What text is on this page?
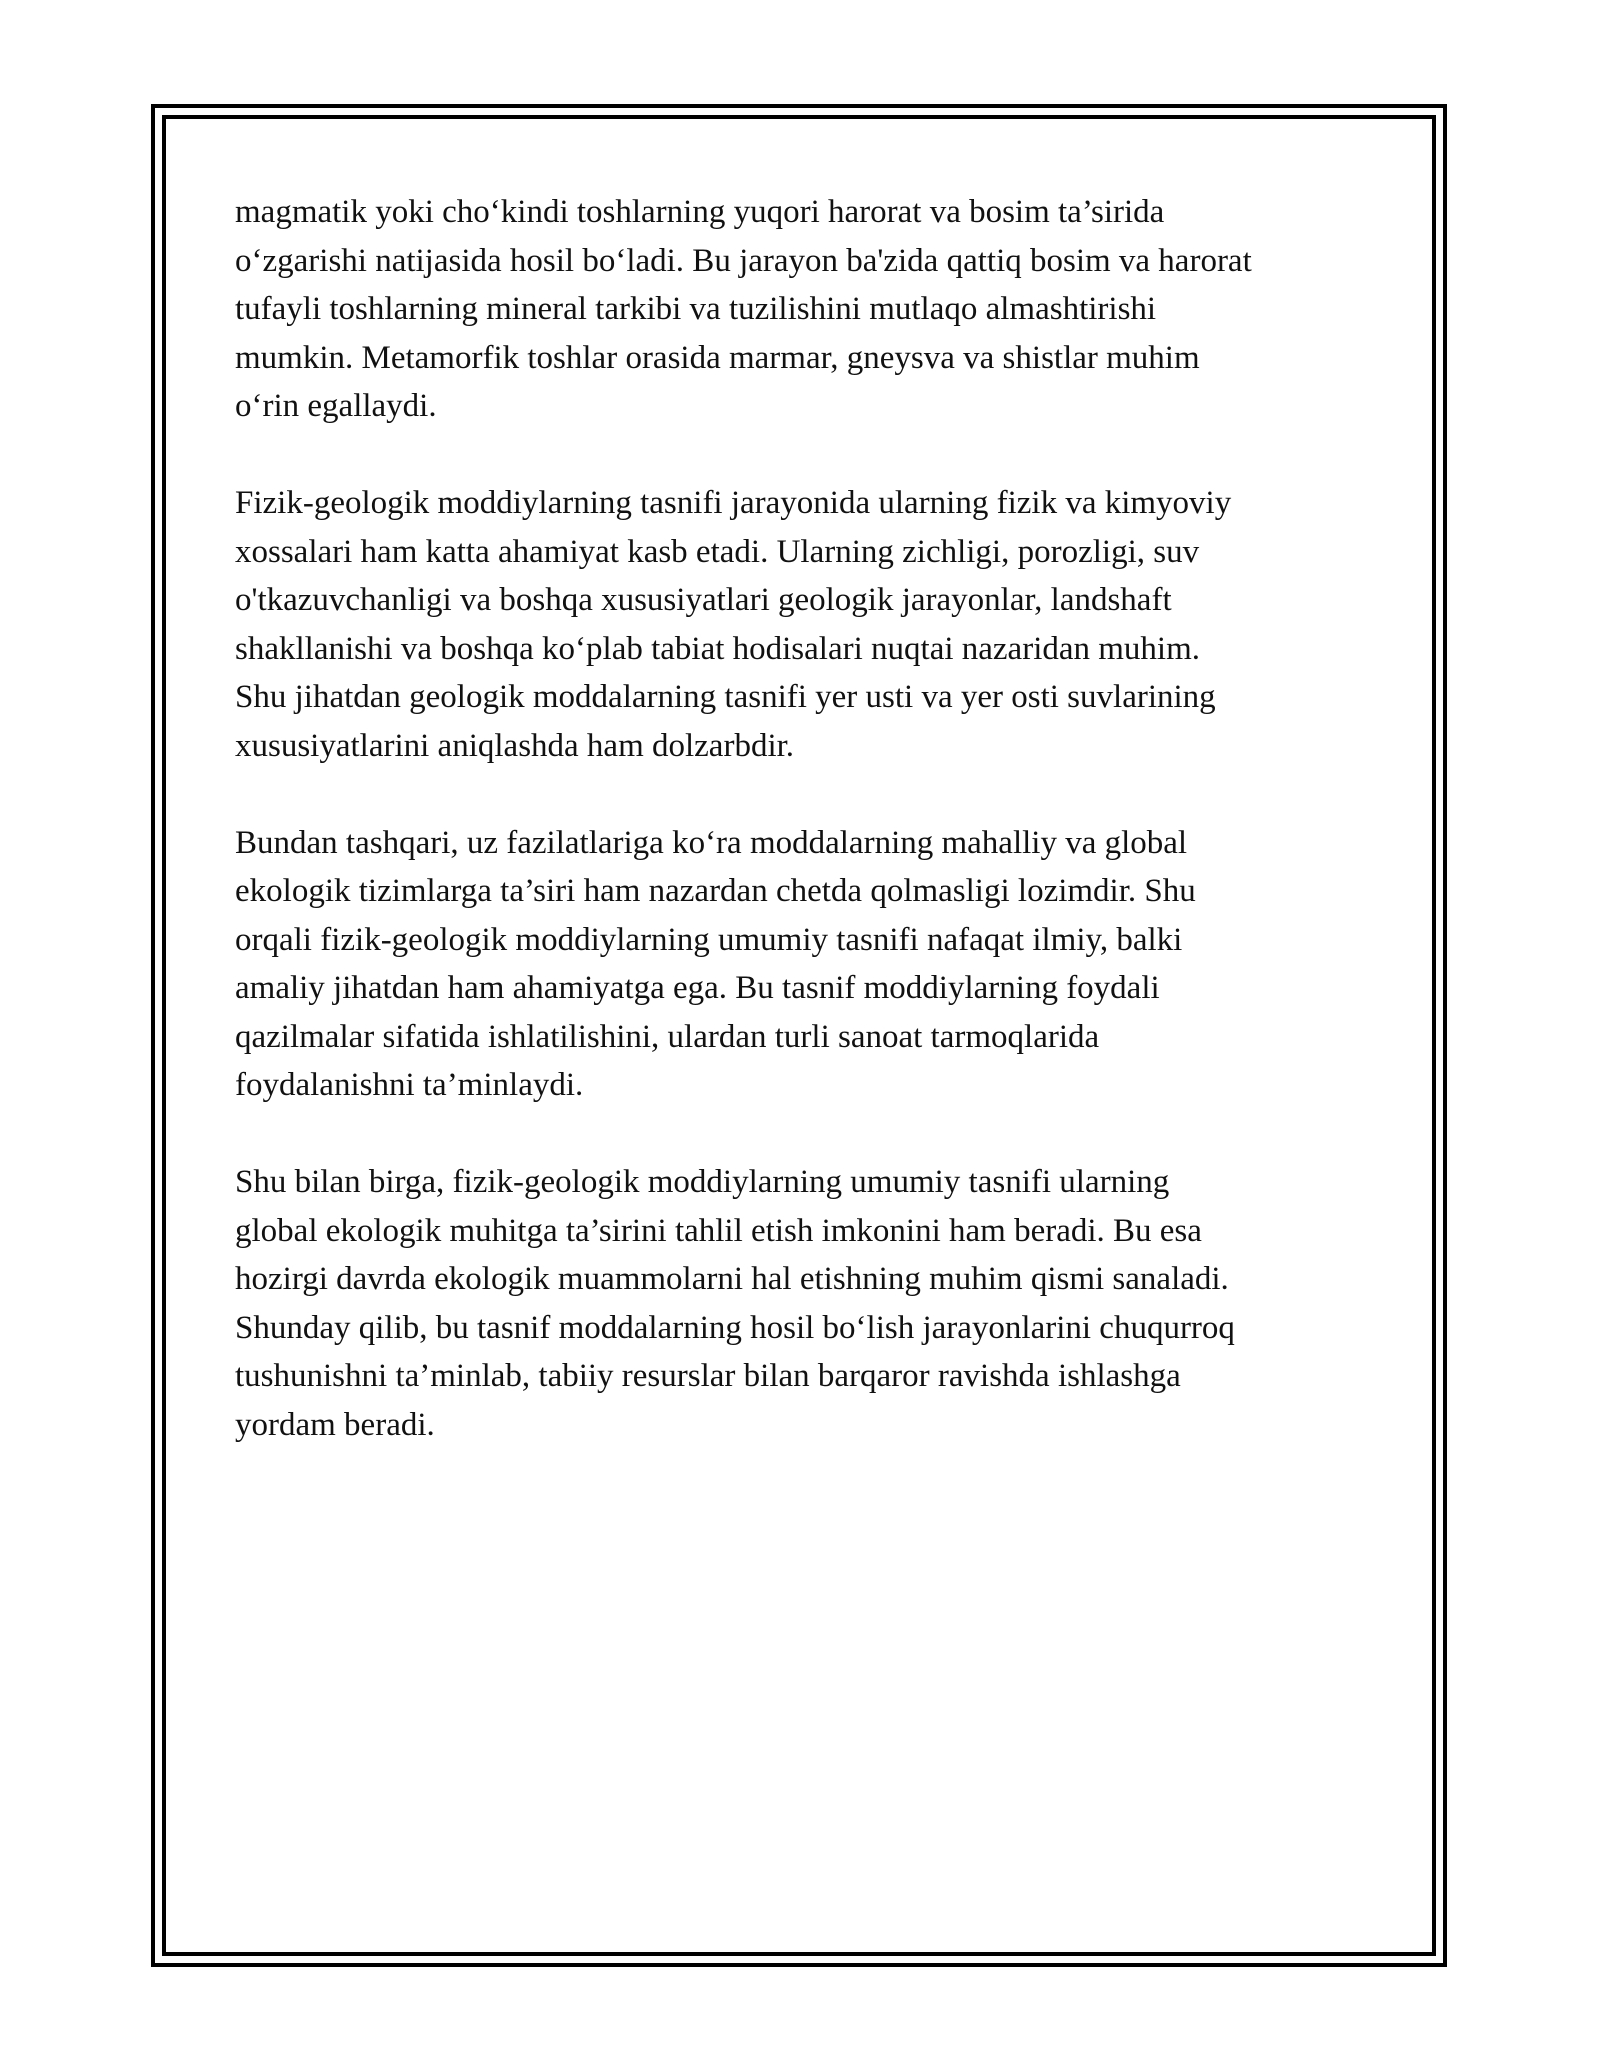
magmatik yoki cho‘kindi toshlarning yuqori harorat va bosim ta’sirida
o‘zgarishi natijasida hosil bo‘ladi. Bu jarayon ba'zida qattiq bosim va harorat
tufayli toshlarning mineral tarkibi va tuzilishini mutlaqo almashtirishi
mumkin. Metamorfik toshlar orasida marmar, gneysva va shistlar muhim
o‘rin egallaydi.

Fizik-geologik moddiylarning tasnifi jarayonida ularning fizik va kimyoviy
xossalari ham katta ahamiyat kasb etadi. Ularning zichligi, porozligi, suv
o'tkazuvchanligi va boshqa xususiyatlari geologik jarayonlar, landshaft
shakllanishi va boshqa ko‘plab tabiat hodisalari nuqtai nazaridan muhim.
Shu jihatdan geologik moddalarning tasnifi yer usti va yer osti suvlarining
xususiyatlarini aniqlashda ham dolzarbdir.

Bundan tashqari, uz fazilatlariga ko‘ra moddalarning mahalliy va global
ekologik tizimlarga ta’siri ham nazardan chetda qolmasligi lozimdir. Shu
orqali fizik-geologik moddiylarning umumiy tasnifi nafaqat ilmiy, balki
amaliy jihatdan ham ahamiyatga ega. Bu tasnif moddiylarning foydali
qazilmalar sifatida ishlatilishini, ulardan turli sanoat tarmoqlarida
foydalanishni ta’minlaydi.

Shu bilan birga, fizik-geologik moddiylarning umumiy tasnifi ularning
global ekologik muhitga ta’sirini tahlil etish imkonini ham beradi. Bu esa
hozirgi davrda ekologik muammolarni hal etishning muhim qismi sanaladi.
Shunday qilib, bu tasnif moddalarning hosil bo‘lish jarayonlarini chuqurroq
tushunishni ta’minlab, tabiiy resurslar bilan barqaror ravishda ishlashga
yordam beradi.
